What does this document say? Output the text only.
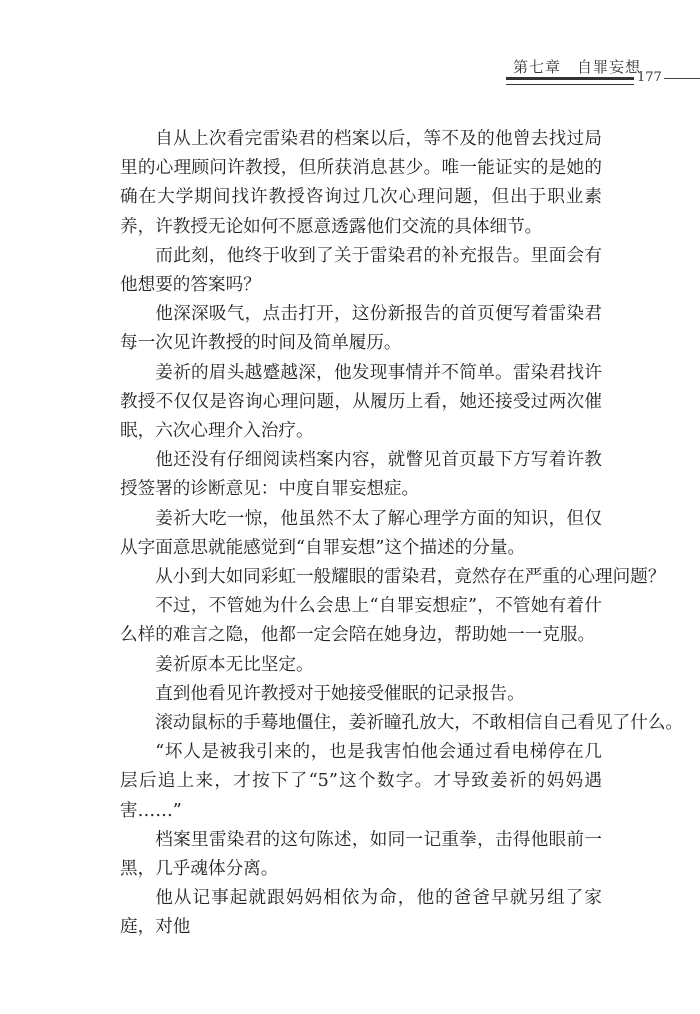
第七章　自罪妄想
177

自从上次看完雷染君的档案以后，等不及的他曾去找过局里的心理顾问许教授，但所获消息甚少。唯一能证实的是她的确在大学期间找许教授咨询过几次心理问题，但出于职业素养，许教授无论如何不愿意透露他们交流的具体细节。

而此刻，他终于收到了关于雷染君的补充报告。里面会有他想要的答案吗？

他深深吸气，点击打开，这份新报告的首页便写着雷染君每一次见许教授的时间及简单履历。

姜祈的眉头越蹙越深，他发现事情并不简单。雷染君找许教授不仅仅是咨询心理问题，从履历上看，她还接受过两次催眠，六次心理介入治疗。

他还没有仔细阅读档案内容，就瞥见首页最下方写着许教授签署的诊断意见：中度自罪妄想症。

姜祈大吃一惊，他虽然不太了解心理学方面的知识，但仅从字面意思就能感觉到“自罪妄想”这个描述的分量。

从小到大如同彩虹一般耀眼的雷染君，竟然存在严重的心理问题？

不过，不管她为什么会患上“自罪妄想症”，不管她有着什么样的难言之隐，他都一定会陪在她身边，帮助她一一克服。

姜祈原本无比坚定。

直到他看见许教授对于她接受催眠的记录报告。

滚动鼠标的手蓦地僵住，姜祈瞳孔放大，不敢相信自己看见了什么。

“坏人是被我引来的，也是我害怕他会通过看电梯停在几层后追上来，才按下了“5”这个数字。才导致姜祈的妈妈遇害……”

档案里雷染君的这句陈述，如同一记重拳，击得他眼前一黑，几乎魂体分离。

他从记事起就跟妈妈相依为命，他的爸爸早就另组了家庭，对他
